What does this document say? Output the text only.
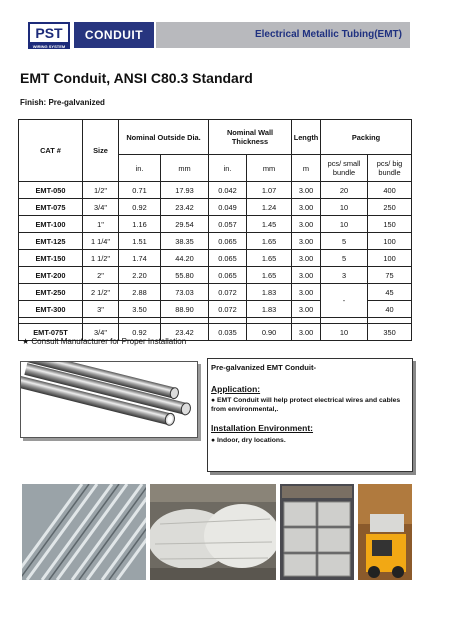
PST
WIRING SYSTEM
CONDUIT	Electrical Metallic Tubing(EMT)
EMT Conduit, ANSI C80.3 Standard
Finish: Pre-galvanized
CAT #	Size	Nominal Outside Dia.		Nominal Wall Thickness		Length	Packing	
		in.	mm	in.	mm	m	pcs/ small bundle	pcs/ big bundle
EMT-050	1/2"	0.71	17.93	0.042	1.07	3.00	20	400
EMT-075	3/4"	0.92	23.42	0.049	1.24	3.00	10	250
EMT-100	1"	1.16	29.54	0.057	1.45	3.00	10	150
EMT-125	1 1/4"	1.51	38.35	0.065	1.65	3.00	5	100
EMT-150	1 1/2"	1.74	44.20	0.065	1.65	3.00	5	100
EMT-200	2"	2.20	55.80	0.065	1.65	3.00	3	75
EMT-250	2 1/2"	2.88	73.03	0.072	1.83	3.00	-	45
EMT-300	3"	3.50	88.90	0.072	1.83	3.00		40

EMT-075T	3/4"	0.92	23.42	0.035	0.90	3.00	10	350
★ Consult Manufacturer for Proper Installation
Pre-galvanized EMT Conduit-
Application:
● EMT Conduit will help protect electrical wires and cables from environmental,.
Installation Environment:
● Indoor, dry locations.
